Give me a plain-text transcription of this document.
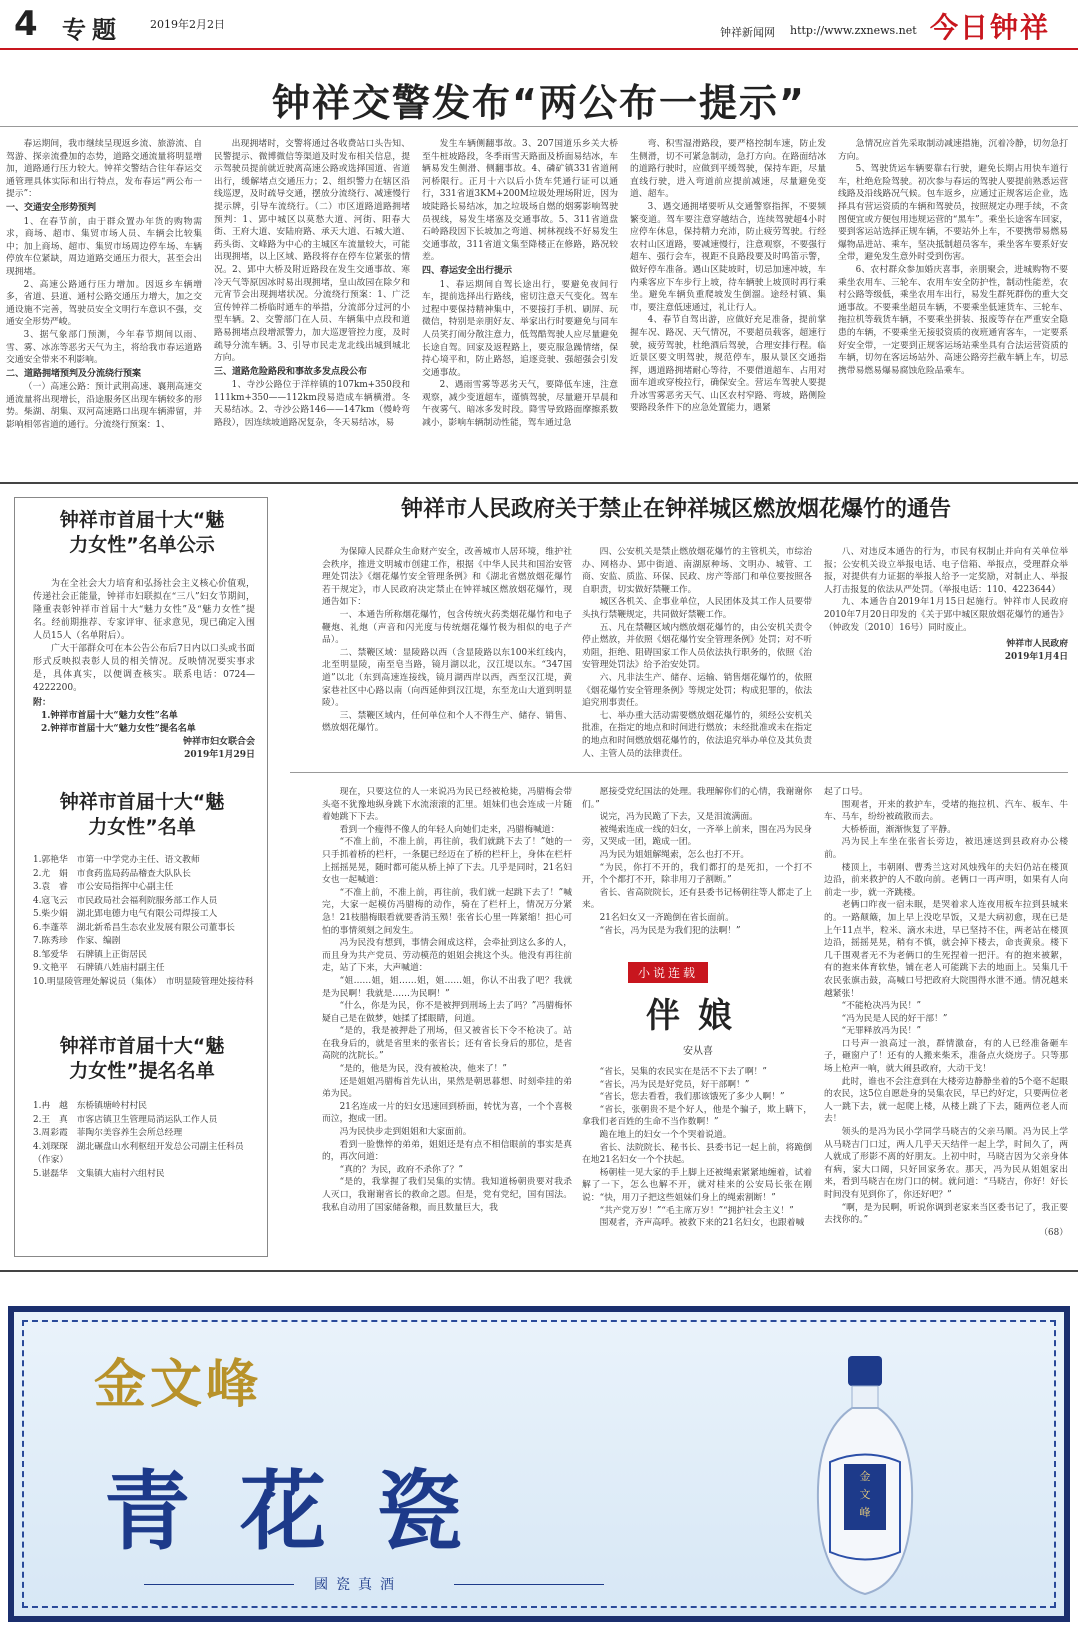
4 专题	2019年2月2日
钟祥新闻网 http://www.zxnews.net 今日钟祥
钟祥交警发布“两公布一提示”

春运期间，我市继续呈现返乡流、旅游流、自驾游、探亲流叠加的态势，道路交通流量将明显增加，道路通行压力较大。钟祥交警结合往年春运交通管理具体实际和出行特点，发布春运“两公布一提示”：

一、交通安全形势预判

1、在春节前，由于群众置办年货的购物需求，商场、超市、集贸市场人员、车辆会比较集中；加上商场、超市、集贸市场周边停车场、车辆停放车位紧缺，周边道路交通压力很大，甚至会出现拥堵。

2、高速公路通行压力增加。因返乡车辆增多，省道、县道、通村公路交通压力增大，加之交通设施不完善，驾驶员安全文明行车意识不强，交通安全形势严峻。

3、据气象部门预测，今年春节期间以雨、雪、雾、冰冻等恶劣天气为主，将给我市春运道路交通安全带来不利影响。

二、道路拥堵预判及分流绕行预案

（一）高速公路：预计武荆高速、襄荆高速交通流量将出现增长，沿途服务区出现车辆较多的形势。柴湖、胡集、双河高速路口出现车辆滞留，并影响相邻省道的通行。分流绕行预案：1、

出现拥堵时，交警将通过各收费站口头告知、民警提示、微博微信等渠道及时发布相关信息，提示驾驶员提前就近驶离高速公路或选择国道、省道出行，缓解堵点交通压力；2、组织警力在辖区沿线巡逻，及时疏导交通，摆放分流绕行、减速慢行提示牌，引导车流绕行。（二）市区道路道路拥堵预判：1、郢中城区以莫愁大道、河街、阳春大街、王府大道、安陆府路、承天大道、石城大道、药头街、文峰路为中心的主城区车流量较大，可能出现拥堵，以上区域、路段将存在停车位紧张的情况。2、郢中大桥及附近路段在发生交通事故、寒冷天气等原因冰时易出现拥堵，皇山故园在除夕和元宵节会出现拥堵状况。分流绕行预案：1、广泛宣传钟祥二桥临时通车的举措，分流部分过河的小型车辆。2、交警部门在人员、车辆集中点段和道路易拥堵点段增派警力，加大巡逻管控力度，及时疏导分流车辆。3、引导市民走龙北线出城到城北方向。

三、道路危险路段和事故多发点段公布

1、寺沙公路位于洋梓镇的107km+350段和111km+350——112km段易造成车辆横滑。冬天易结冰。2、寺沙公路146——147km（慢岭弯路段），因连续坡道路况复杂，冬天易结冰，易

发生车辆侧翻事故。3、207国道乐乡关大桥至牛桩坡路段，冬季雨雪天路面及桥面易结冰，车辆易发生侧滑、侧翻事故。4、磷矿镇331省道闸河桥限行。正月十六以后小货车凭通行证可以通行，331省道3KM+200M垃圾处理场附近，因为坡陡路长易结冰，加之垃圾场自燃的烟雾影响驾驶员视线，易发生堵塞及交通事故。5、311省道盘石岭路段因下长坡加之弯道、树林视线不好易发生交通事故，311省道文集至降楼正在修路，路况较差。

四、春运安全出行提示

1、春运期间自驾长途出行，要避免夜间行车，提前选择出行路线，密切注意天气变化。驾车过程中要保持精神集中，不要接打手机、刷屏、玩微信，特别是亲朋好友、举家出行时要避免与同车人员笑打闹分散注意力，低驾酷驾驶人应尽量避免长途自驾。回家及返程路上，要克服急躁情绪，保持心境平和，防止路怒，追逐竞驶、强超强会引发交通事故。

2、遇雨雪雾等恶劣天气，要降低车速，注意观察，减少变道超车，谨慎驾驶，尽量避开早晨和午夜雾气、暗冰多发时段。降雪导致路面摩擦系数减小，影响车辆制动性能，驾车通过急

弯、积雪湿滑路段，要严格控制车速，防止发生侧滑，切不可紧急制动，急打方向。在路面结冰的道路行驶时，应做到平缓驾驶，保持车距，尽量直线行驶，进入弯道前应提前减速，尽量避免变道、超车。

3、遇交通拥堵要听从交通警察指挥，不要频繁变道。驾车要注意穿越结合，连续驾驶超4小时应停车休息，保持精力充沛，防止疲劳驾驶。行经农村山区道路，要减速慢行，注意观察，不要强行超车、强行会车，视距不良路段要及时鸣笛示警，做好停车准备。遇山区陡坡时，切忌加速冲坡，车内乘客应下车步行上坡，待车辆驶上坡顶时再行乘坐。避免车辆负重爬坡发生倒溜。途经村镇、集市，要注意低速通过，礼让行人。

4、春节自驾出游，应做好充足准备，提前掌握车况、路况、天气情况，不要超员载客，超速行驶，疲劳驾驶，杜绝酒后驾驶，合理安排行程。临近景区要文明驾驶，规范停车，服从景区交通指挥，遇道路拥堵耐心等待，不要借道超车、占用对面车道或穿梭拉行，确保安全。营运车驾驶人要提升冰雪雾恶劣天气、山区农村窄路、弯坡，路侧险要路段条件下的应急处置能力，遇紧

急情况应首先采取制动减速措施，沉着冷静，切勿急打方向。

5、驾驶货运车辆要靠右行驶，避免长期占用快车道行车，杜绝危险驾驶。初次参与春运的驾驶人要提前熟悉运营线路及沿线路况气候。包车返乡，应通过正规客运企业，选择具有营运资质的车辆和驾驶员，按照规定办理手续，不贪图便宜或方便包用违规运营的“黑车”。乘坐长途客车回家，要到客运站选择正规车辆，不要站外上车，不要携带易燃易爆物品进站、乘车，坚决抵制超员客车，乘坐客车要系好安全带，避免发生意外时受到伤害。

6、农村群众参加婚庆喜事，亲朋聚会，进城购物不要乘坐农用车、三轮车、农用车安全防护性，制动性能差，农村公路等级低，乘坐农用车出行，易发生群死群伤的重大交通事故。不要乘坐超员车辆，不要乘坐低速货车、三轮车、拖拉机等载货车辆，不要乘坐拼装、报废等存在严重安全隐患的车辆，不要乘坐无接驳资质的夜班通宵客车，一定要系好安全带，一定要到正规客运场站乘坐具有合法运营资质的车辆，切勿在客运场站外、高速公路旁拦截车辆上车，切忌携带易燃易爆易腐蚀危险品乘车。

钟祥市首届十大“魅力女性”名单公示

为在全社会大力培育和弘扬社会主义核心价值观，传递社会正能量，钟祥市妇联拟在“三八”妇女节期间，隆重表彰钟祥市首届十大“魅力女性”及“魅力女性”提名。经前期推荐、专家评审、征求意见，现已确定入围人员15人（名单附后）。

广大干部群众可在本公告公布后7日内以口头或书面形式反映拟表彰人员的相关情况。反映情况要实事求是，具体真实，以便调查核实。联系电话：0724—4222200。

附：
1.钟祥市首届十大“魅力女性”名单
2.钟祥市首届十大“魅力女性”提名名单
钟祥市妇女联合会
2019年1月29日
钟祥市首届十大“魅力女性”名单
1.郭艳华　市第一中学党办主任、语文教师
2.尤　娟　市食药监局药品稽查大队队长
3.袁　睿　市公安局指挥中心副主任
4.寇飞云　市民政局社会福利院服务部工作人员
5.柴少娟　湖北郢电德力电气有限公司焊接工人
6.李蓬萃　湖北新希昌生态农业发展有限公司董事长
7.陈秀珍　作家、编剧
8.邹爱华　石牌镇上正街居民
9.文艳平　石牌镇八姓庙村副主任
10.明显陵管理处解说员（集体）　市明显陵管理处接待科
钟祥市首届十大“魅力女性”提名名单
1.冉　越　东桥镇塘岭村村民
2.王　真　市客店镇卫生管理局消运队工作人员
3.周彩霞　菲陶尔美容养生会所总经理
4.刘琛琛　湖北碾盘山水利枢纽开发总公司副主任科员（作家）
5.谌磊华　文集镇大庙村六组村民
钟祥市人民政府关于禁止在钟祥城区燃放烟花爆竹的通告

为保障人民群众生命财产安全，改善城市人居环境，维护社会秩序，推进文明城市创建工作，根据《中华人民共和国治安管理处罚法》《烟花爆竹安全管理条例》和《湖北省燃放烟花爆竹若干规定》，市人民政府决定禁止在钟祥城区燃放烟花爆竹，现通告如下：

一、本通告所称烟花爆竹，包含传统火药类烟花爆竹和电子鞭炮、礼炮（声音和闪光度与传统烟花爆竹极为相似的电子产品）。

二、禁鞭区域：显陵路以西（含显陵路以东100米红线内，北至明显陵，南至皂当路，镜月湖以北，汉江堤以东。“347国道”以北（东到高速连接线，镜月湖西岸以西，西至汉江堤，黄家巷社区中心路以南（向西延伸到汉江堤，东至龙山大道到明显陵）。

三、禁鞭区域内，任何单位和个人不得生产、储存、销售、燃放烟花爆竹。

四、公安机关是禁止燃放烟花爆竹的主管机关，市综治办、网格办、郢中街道、南湖原种场、文明办、城管、工商、安监、质监、环保、民政、房产等部门和单位要按照各自职责，切实做好禁鞭工作。

城区各机关、企事业单位，人民团体及其工作人员要带头执行禁鞭规定，共同做好禁鞭工作。

五、凡在禁鞭区域内燃放烟花爆竹的，由公安机关责令停止燃放，并依照《烟花爆竹安全管理条例》处罚；对不听劝阻，拒绝、阻碍国家工作人员依法执行职务的，依照《治安管理处罚法》给予治安处罚。

六、凡非法生产、储存、运输、销售烟花爆竹的，依照《烟花爆竹安全管理条例》等规定处罚；构成犯罪的，依法追究刑事责任。

七、举办重大活动需要燃放烟花爆竹的，须经公安机关批准，在指定的地点和时间进行燃放；未经批准或未在指定的地点和时间燃放烟花爆竹的，依法追究举办单位及其负责人、主管人员的法律责任。

八、对违反本通告的行为，市民有权制止并向有关单位举报；公安机关设立举报电话、电子信箱、举报点，受理群众举报，对提供有力证据的举报人给予一定奖励，对制止人、举报人打击报复的依法从严处罚。（举报电话：110、4223644）

九、本通告自2019年1月15日起施行。钟祥市人民政府2010年7月20日印发的《关于郢中城区限放烟花爆竹的通告》（钟政发〔2010〕16号）同时废止。

钟祥市人民政府
2019年1月4日

现在，只要这位的人一来说冯为民已经被枪毙，冯腊梅会带头毫不犹豫地纵身跳下水流滚滚的汇里。姐妹们也会连成一片随着她跳下下去。

看到一个瘦得不像人的年轻人向她们走来，冯腊梅喊道：

“不准上前，不准上前，再往前，我们就跳下去了！”她的一只手抓着桥的栏杆，一条腿已经迈在了桥的栏杆上，身体在栏杆上摇摇晃晃，随时都可能从桥上掉了下去。几乎是同时，21名妇女也一起喊道：

“不准上前，不准上前，再往前，我们就一起跳下去了！”喊完，大家一起模仿冯腊梅的动作，骑在了栏杆上，情况万分紧急！21枝腊梅眼看就要香消玉殒！张省长心里一阵紧缩！担心可怕的事情须刻之间发生。

冯为民没有想到，事情会闹成这样，会牵扯到这么多的人，而且身为共产党员、劳动模范的姐姐会挑这个头。他没有再往前走，站了下来，大声喊道：

“姐……姐，姐……姐，姐……姐，你认不出我了吧？我就是为民啊！我就是……为民啊！”

“什么，你是为民，你不是被押到刑场上去了吗？”冯腊梅怀疑自己是在做梦，她揉了揉眼睛，问道。

“是的，我是被押赴了刑场，但又被省长下令不枪决了。站在我身后的，就是省里来的张省长；还有省长身后的那位，是省高院的沈院长。”

“是的，他是为民，没有被枪决，他来了！”

还是姐姐冯腊梅首先认出，果然是朝思暮想、时刻牵挂的弟弟为民。

21名连成一片的妇女迅速回到桥面，转忧为喜，一个个喜极而泣，抱成一团。

冯为民快步走到姐姐和大家面前。

看到一脸憔悴的弟弟，姐姐还是有点不相信眼前的事实是真的，再次问道：

“真的？为民，政府不杀你了？”

“是的，我掌握了我们吴集的实情。我知道杨朝贵要对我杀人灭口，我谢谢省长的救命之恩。但是，党有党纪，国有国法。我私自动用了国家储备粮，而且数量巨大，我

愿接受党纪国法的处理。我理解你们的心情，我谢谢你们。”

说完，冯为民跪了下去，又是泪流满面。

被绳索连成一线的妇女，一齐举上前来，围在冯为民身旁，又哭成一团，跪成一团。

冯为民为姐姐解绳索，怎么也打不开。

“为民，你打不开的，我们都打的是死扣，一个打不开，个个都打不开，除非用刀子割断。”

省长、省高院院长，还有县委书记杨朝往等人都走了上来。

21名妇女又一齐跪倒在省长面前。

“省长，冯为民是为我们犯的法啊！”

小说连载
伴娘
安从喜

“省长，吴集的农民实在是活不下去了啊！”

“省长，冯为民是好党员，好干部啊！”

“省长，您去看看，我们那该饿死了多少人啊！”

“省长，张朝贵不是个好人，他是个骗子，欺上瞒下，拿我们老百姓的生命不当作数啊！”

跪在地上的妇女一个个哭着说道。

省长、法院院长、秘书长、县委书记一起上前，将跪倒在地21名妇女一个个扶起。

杨朝桂一见大家的手上脚上还被绳索紧紧地缠着，试着解了一下，怎么也解不开，就对桂来的公安局长张在刚说：“快，用刀子把这些姐妹们身上的绳索割断！”

“共产党万岁！”“毛主席万岁！”“拥护社会主义！”

围观者，齐声高呼。被救下来的21名妇女，也跟着喊

起了口号。

围观者，开来的救护车，受堵的拖拉机、汽车、板车、牛车、马车，纷纷被疏散而去。

大桥桥面，渐渐恢复了平静。

冯为民上车坐在张省长旁边，被迅速送到县政府办公楼前。

楼顶上，韦朝刚、曹秀兰这对风烛残年的夫妇仍站在楼顶边沿，前来救护的人不敢向前。老俩口一再声明，如果有人向前走一步，就一齐跳楼。

老俩口昨夜一宿未眠，是哭着求人连夜用板车拉到县城来的。一路颠簸，加上早上没吃早饭，又是大病初愈，现在已是上午11点半，粒米、滴水未进，早已坚持不住，两老站在楼顶边沿，摇摇晃晃，稍有不慎，就会掉下楼去，命丧黄泉。楼下几千围观者无不为老俩口的生死捏着一把汗。有的抱来被絮，有的抱来体育软垫，铺在老人可能跳下去的地面上。吴集几千农民张旗击鼓，高喊口号把政府大院围得水泄不通。情况越来越紧张！

“不能枪决冯为民！”

“冯为民是人民的好干部！”

“无罪释放冯为民！”

口号声一浪高过一浪，群情激奋，有的人已经准备砸车子，砸窗户了！还有的人搬来柴禾，准备点火烧房子。只等那场上枪声一响，就大闹县政府，大动干戈！

此时，谁也不会注意到在大楼旁边静静坐着的5个毫不起眼的农民，这5位自愿赴身的吴集农民，早已约好定，只要两位老人一跳下去，就一起爬上楼，从楼上跳了下去，随两位老人而去！

领头的是冯为民小学同学马晓吉的父亲马顺。冯为民上学从马晓吉门口过，两人几乎天天结伴一起上学，时间久了，两人就成了形影不离的好朋友。上初中时，马晓吉因为父亲身体有病，家大口阔，只好回家务农。那天，冯为民从姐姐家出来，看到马晓吉在房门口的树。就问道：“马晓吉，你好！好长时间没有见到你了，你还好吧？”

“啊，是为民啊，听说你调到老家来当区委书记了，我正要去找你的。”

（68）
金文峰
青花瓷
國瓷真酒
金文峰
